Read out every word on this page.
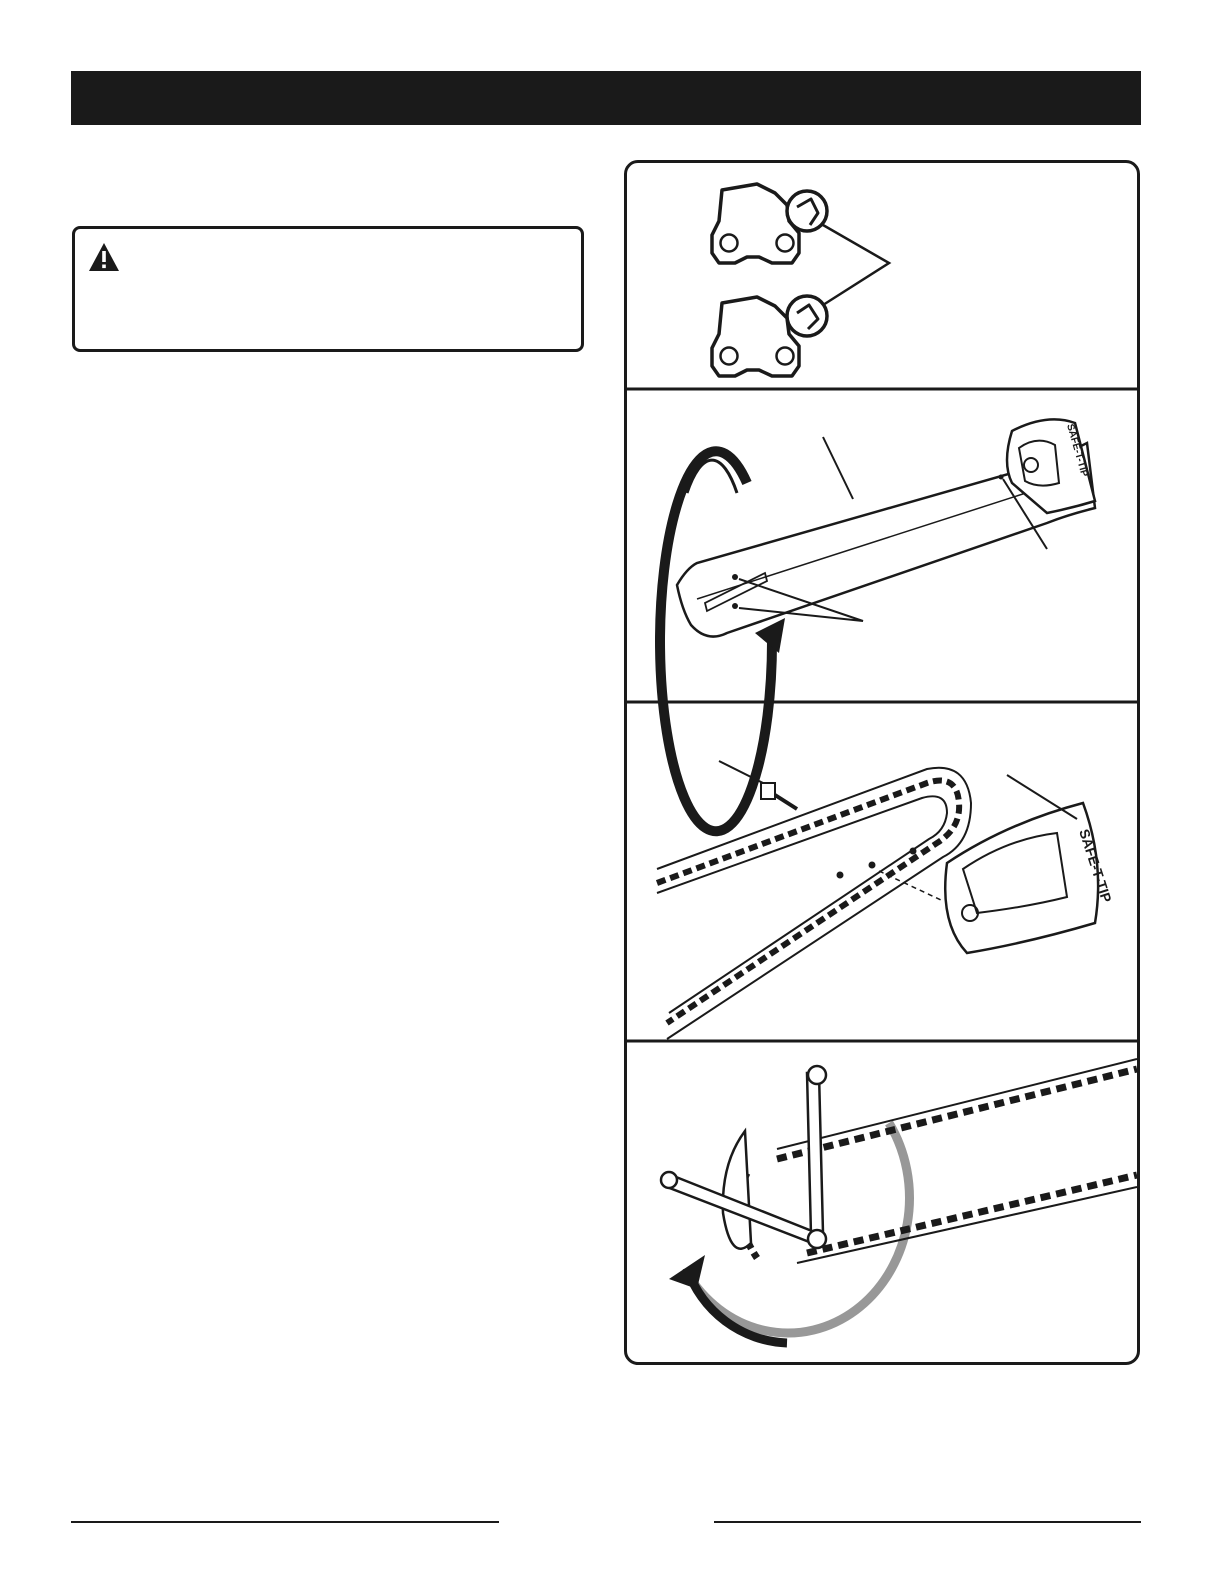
SAFE-T-TIP
SAFE-T-TIP
